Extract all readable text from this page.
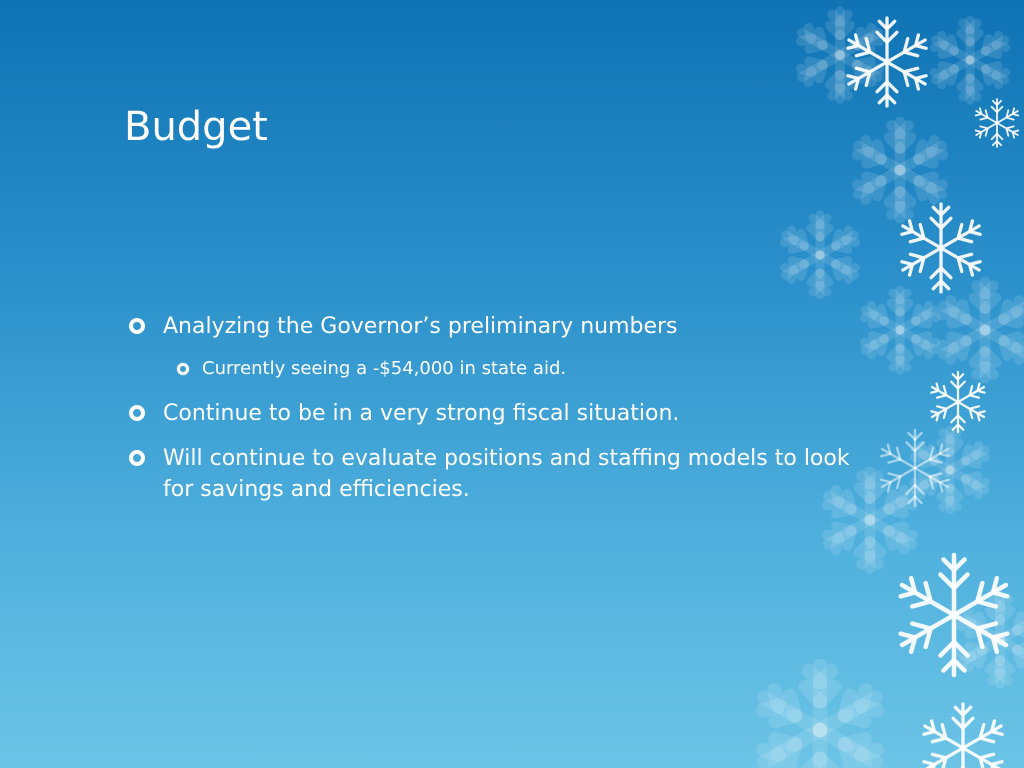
Budget
Analyzing the Governor’s preliminary numbers
Currently seeing a -$54,000 in state aid.
Continue to be in a very strong fiscal situation.
Will continue to evaluate positions and staffing models to look for savings and efficiencies.
